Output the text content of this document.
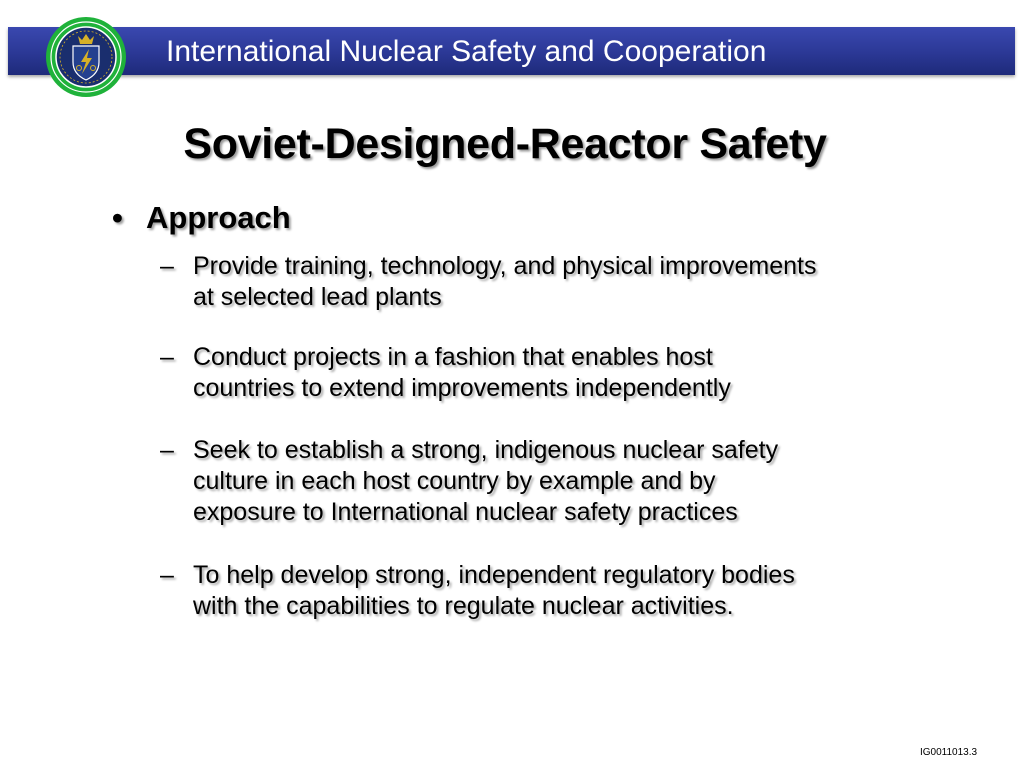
International Nuclear Safety and Cooperation
Soviet-Designed-Reactor Safety
• Approach
– Provide training, technology, and physical improvements
at selected lead plants
– Conduct projects in a fashion that enables host
countries to extend improvements independently
– Seek to establish a strong, indigenous nuclear safety
culture in each host country by example and by
exposure to International nuclear safety practices
– To help develop strong, independent regulatory bodies
with the capabilities to regulate nuclear activities.
IG0011013.3
